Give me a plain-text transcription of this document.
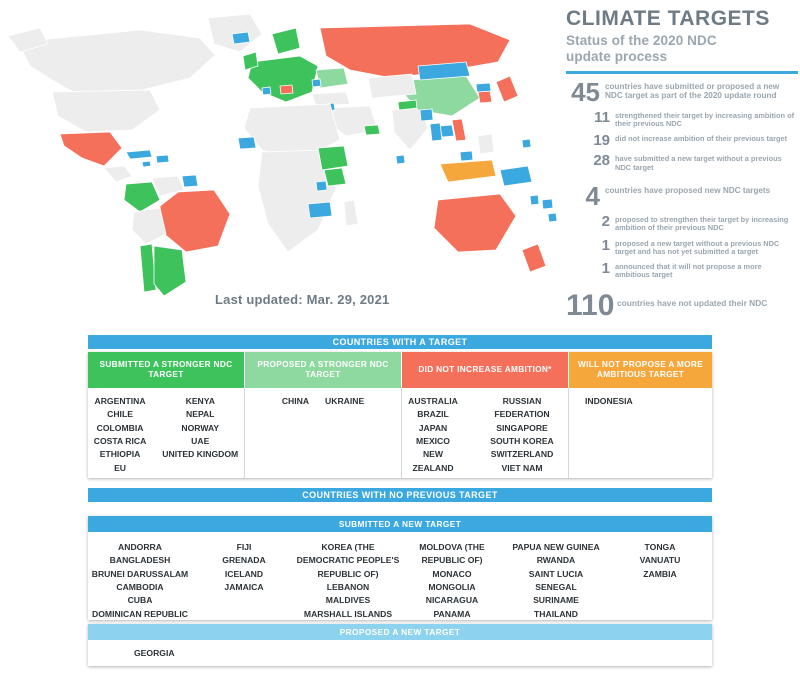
Last updated: Mar. 29, 2021
CLIMATE TARGETS
Status of the 2020 NDC
update process
45 countries have submitted or proposed a new NDC target as part of the 2020 update round
11 strengthened their target by increasing ambition of their previous NDC
19 did not increase ambition of their previous target
28 have submitted a new target without a previous NDC target
4 countries have proposed new NDC targets
2 proposed to strengthen their target by increasing ambition of their previous NDC
1 proposed a new target without a previous NDC target and has not yet submitted a target
1 announced that it will not propose a more ambitious target
110 countries have not updated their NDC
COUNTRIES WITH A TARGET
SUBMITTED A STRONGER NDC TARGET
ARGENTINA
CHILE
COLOMBIA
COSTA RICA
ETHIOPIA
EU
KENYA
NEPAL
NORWAY
UAE
UNITED KINGDOM
PROPOSED A STRONGER NDC TARGET
CHINA UKRAINE
DID NOT INCREASE AMBITION*
AUSTRALIA
BRAZIL
JAPAN
MEXICO
NEW ZEALAND
RUSSIAN FEDERATION
SINGAPORE
SOUTH KOREA
SWITZERLAND
VIET NAM
WILL NOT PROPOSE A MORE AMBITIOUS TARGET
INDONESIA
COUNTRIES WITH NO PREVIOUS TARGET
SUBMITTED A NEW TARGET
ANDORRA
BANGLADESH
BRUNEI DARUSSALAM
CAMBODIA
CUBA
DOMINICAN REPUBLIC
FIJI
GRENADA
ICELAND
JAMAICA
KOREA (THE DEMOCRATIC PEOPLE'S REPUBLIC OF)
LEBANON
MALDIVES
MARSHALL ISLANDS
MOLDOVA (THE REPUBLIC OF)
MONACO
MONGOLIA
NICARAGUA
PANAMA
PAPUA NEW GUINEA
RWANDA
SAINT LUCIA
SENEGAL
SURINAME
THAILAND
TONGA
VANUATU
ZAMBIA
PROPOSED A NEW TARGET
GEORGIA
